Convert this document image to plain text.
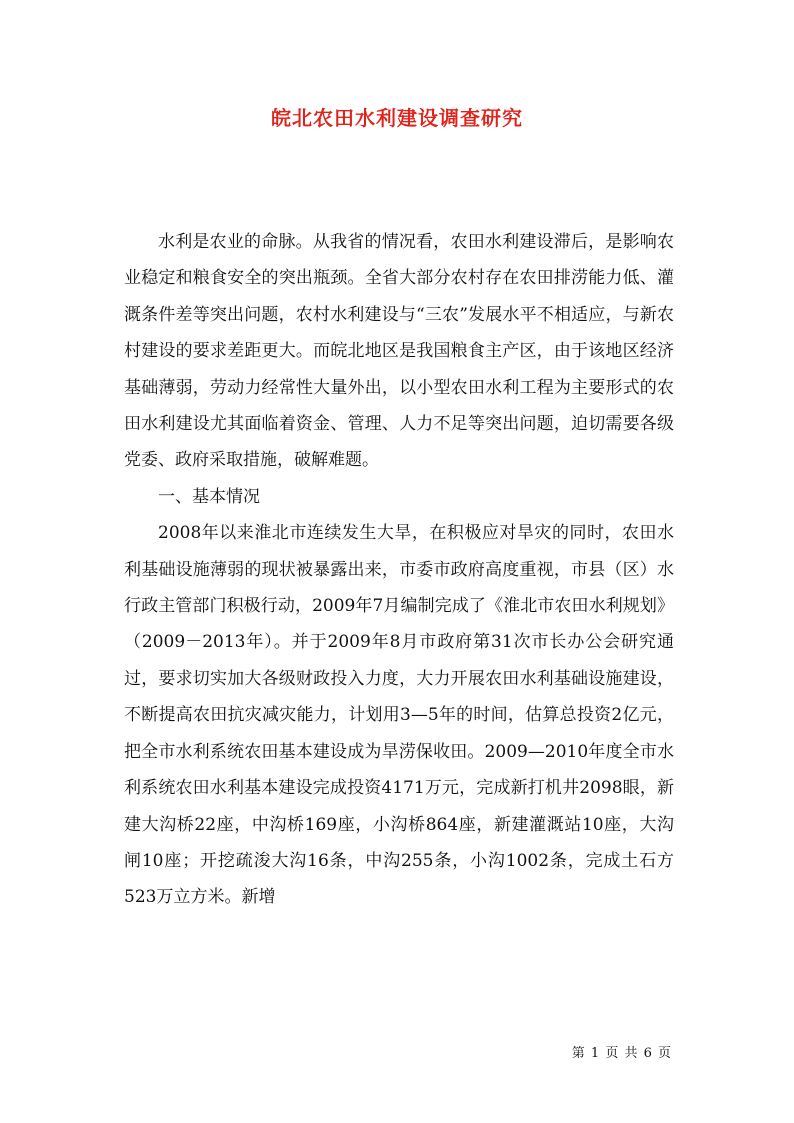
皖北农田水利建设调查研究

水利是农业的命脉。从我省的情况看，农田水利建设滞后，是影响农业稳定和粮食安全的突出瓶颈。全省大部分农村存在农田排涝能力低、灌溉条件差等突出问题，农村水利建设与“三农”发展水平不相适应，与新农村建设的要求差距更大。而皖北地区是我国粮食主产区，由于该地区经济基础薄弱，劳动力经常性大量外出，以小型农田水利工程为主要形式的农田水利建设尤其面临着资金、管理、人力不足等突出问题，迫切需要各级党委、政府采取措施，破解难题。

一、基本情况

2008年以来淮北市连续发生大旱，在积极应对旱灾的同时，农田水利基础设施薄弱的现状被暴露出来，市委市政府高度重视，市县（区）水行政主管部门积极行动，2009年7月编制完成了《淮北市农田水利规划》（2009－2013年）。并于2009年8月市政府第31次市长办公会研究通过，要求切实加大各级财政投入力度，大力开展农田水利基础设施建设，不断提高农田抗灾减灾能力，计划用3—5年的时间，估算总投资2亿元，把全市水利系统农田基本建设成为旱涝保收田。2009—2010年度全市水利系统农田水利基本建设完成投资4171万元，完成新打机井2098眼，新建大沟桥22座，中沟桥169座，小沟桥864座，新建灌溉站10座，大沟闸10座；开挖疏浚大沟16条，中沟255条，小沟1002条，完成土石方523万立方米。新增

第 1 页 共 6 页
